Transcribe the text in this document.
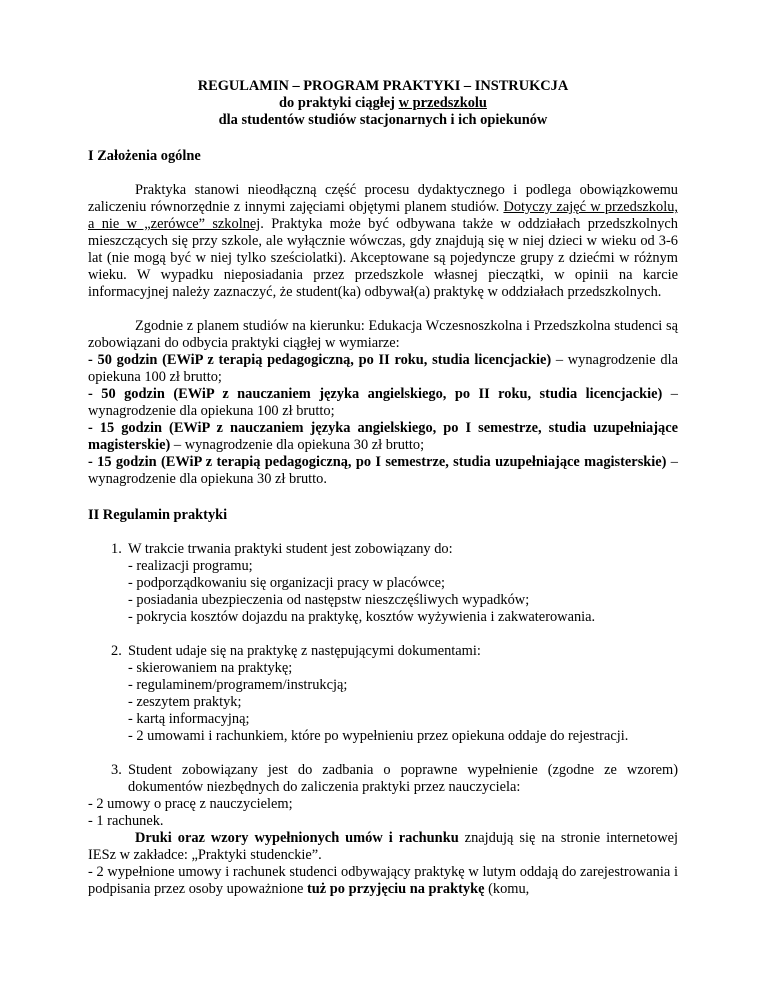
REGULAMIN – PROGRAM PRAKTYKI – INSTRUKCJA
do praktyki ciągłej w przedszkolu
dla studentów studiów stacjonarnych i ich opiekunów
I Założenia ogólne

Praktyka stanowi nieodłączną część procesu dydaktycznego i podlega obowiązkowemu zaliczeniu równorzędnie z innymi zajęciami objętymi planem studiów. Dotyczy zajęć w przedszkolu, a nie w „zerówce” szkolnej. Praktyka może być odbywana także w oddziałach przedszkolnych mieszczących się przy szkole, ale wyłącznie wówczas, gdy znajdują się w niej dzieci w wieku od 3-6 lat (nie mogą być w niej tylko sześciolatki). Akceptowane są pojedyncze grupy z dziećmi w różnym wieku. W wypadku nieposiadania przez przedszkole własnej pieczątki, w opinii na karcie informacyjnej należy zaznaczyć, że student(ka) odbywał(a) praktykę w oddziałach przedszkolnych.

Zgodnie z planem studiów na kierunku: Edukacja Wczesnoszkolna i Przedszkolna studenci są zobowiązani do odbycia praktyki ciągłej w wymiarze:

- 50 godzin (EWiP z terapią pedagogiczną, po II roku, studia licencjackie) – wynagrodzenie dla opiekuna 100 zł brutto;

- 50 godzin (EWiP z nauczaniem języka angielskiego, po II roku, studia licencjackie) – wynagrodzenie dla opiekuna 100 zł brutto;

- 15 godzin (EWiP z nauczaniem języka angielskiego, po I semestrze, studia uzupełniające magisterskie) – wynagrodzenie dla opiekuna 30 zł brutto;

- 15 godzin (EWiP z terapią pedagogiczną, po I semestrze, studia uzupełniające magisterskie) – wynagrodzenie dla opiekuna 30 zł brutto.

II Regulamin praktyki
1. W trakcie trwania praktyki student jest zobowiązany do:
- realizacji programu;
- podporządkowaniu się organizacji pracy w placówce;
- posiadania ubezpieczenia od następstw nieszczęśliwych wypadków;
- pokrycia kosztów dojazdu na praktykę, kosztów wyżywienia i zakwaterowania.
2. Student udaje się na praktykę z następującymi dokumentami:
- skierowaniem na praktykę;
- regulaminem/programem/instrukcją;
- zeszytem praktyk;
- kartą informacyjną;
- 2 umowami i rachunkiem, które po wypełnieniu przez opiekuna oddaje do rejestracji.
3. Student zobowiązany jest do zadbania o poprawne wypełnienie (zgodne ze wzorem) dokumentów niezbędnych do zaliczenia praktyki przez nauczyciela:
- 2 umowy o pracę z nauczycielem;
- 1 rachunek.

Druki oraz wzory wypełnionych umów i rachunku znajdują się na stronie internetowej IESz w zakładce: „Praktyki studenckie”.

- 2 wypełnione umowy i rachunek studenci odbywający praktykę w lutym oddają do zarejestrowania i podpisania przez osoby upoważnione tuż po przyjęciu na praktykę (komu,
